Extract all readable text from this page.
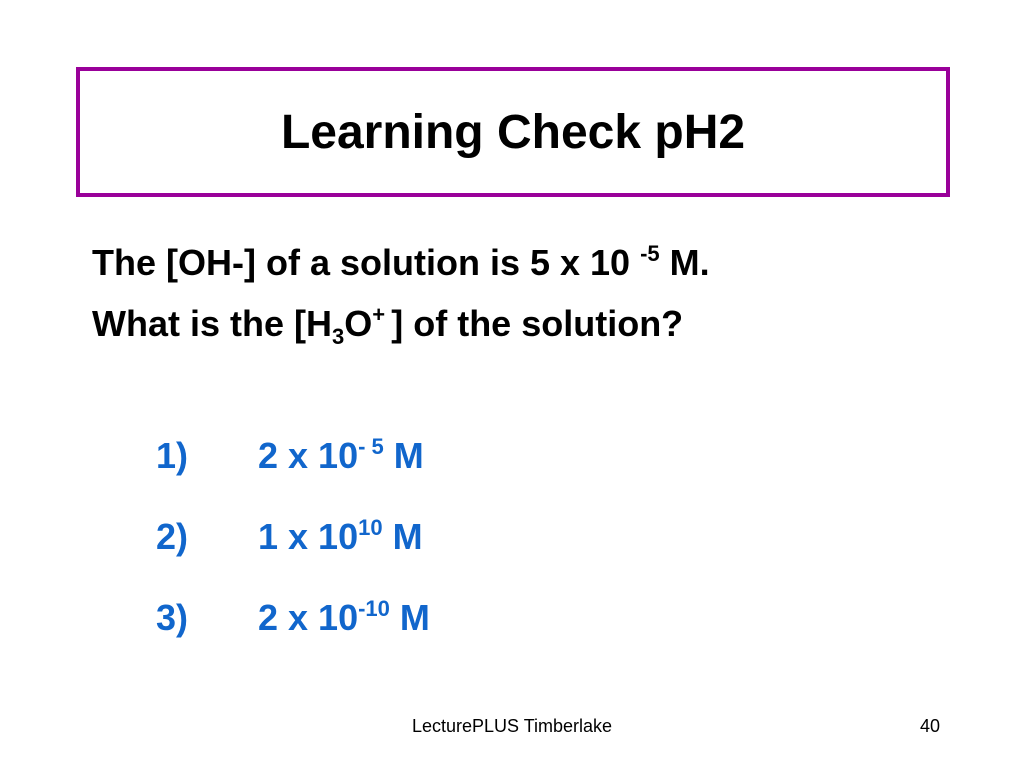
Learning Check pH2
The [OH-] of a solution is 5 x 10 $^{-5}$ M.
What is the [$H_3O^+$ ] of the solution?
1) 2 x $10^{- 5}$ M
2) 1 x $10^{10}$ M
3) 2 x $10^{-10}$ M
LecturePLUS Timberlake	40
